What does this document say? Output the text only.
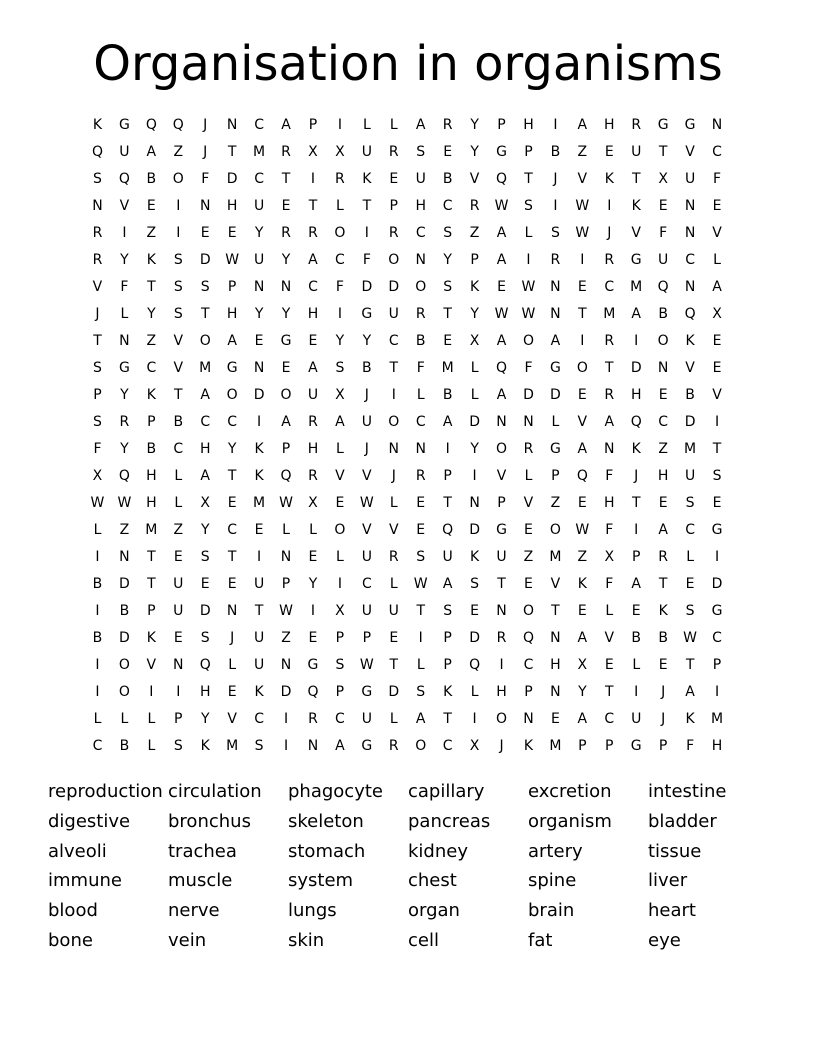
Organisation in organisms
K	G	Q	Q	J	N	C	A	P	I	L	L	A	R	Y	P	H	I	A	H	R	G	G	N
Q	U	A	Z	J	T	M	R	X	X	U	R	S	E	Y	G	P	B	Z	E	U	T	V	C
S	Q	B	O	F	D	C	T	I	R	K	E	U	B	V	Q	T	J	V	K	T	X	U	F
N	V	E	I	N	H	U	E	T	L	T	P	H	C	R	W	S	I	W	I	K	E	N	E
R	I	Z	I	E	E	Y	R	R	O	I	R	C	S	Z	A	L	S	W	J	V	F	N	V
R	Y	K	S	D	W	U	Y	A	C	F	O	N	Y	P	A	I	R	I	R	G	U	C	L
V	F	T	S	S	P	N	N	C	F	D	D	O	S	K	E	W	N	E	C	M	Q	N	A
J	L	Y	S	T	H	Y	Y	H	I	G	U	R	T	Y	W W	N	T	M	A	B	Q	X
T	N	Z	V	O	A	E	G	E	Y	Y	C	B	E	X	A	O	A	I	R	I	O	K	E
S	G	C	V	M	G	N	E	A	S	B	T	F	M	L	Q	F	G	O	T	D	N	V	E
P	Y	K	T	A	O	D	O	U	X	J	I	L	B	L	A	D	D	E	R	H	E	B	V
S	R	P	B	C	C	I	A	R	A	U	O	C	A	D	N	N	L	V	A	Q	C	D	I
F	Y	B	C	H	Y	K	P	H	L	J	N	N	I	Y	O	R	G	A	N	K	Z	M	T
X	Q	H	L	A	T	K	Q	R	V	V	J	R	P	I	V	L	P	Q	F	J	H	U	S
W W	H	L	X	E	M W	X	E	W	L	E	T	N	P	V	Z	E	H	T	E	S	E
L	Z	M	Z	Y	C	E	L	L	O	V	V	E	Q	D	G	E	O	W	F	I	A	C	G
I	N	T	E	S	T	I	N	E	L	U	R	S	U	K	U	Z	M	Z	X	P	R	L	I
B	D	T	U	E	E	U	P	Y	I	C	L	W	A	S	T	E	V	K	F	A	T	E	D
I	B	P	U	D	N	T	W	I	X	U	U	T	S	E	N	O	T	E	L	E	K	S	G
B	D	K	E	S	J	U	Z	E	P	P	E	I	P	D	R	Q	N	A	V	B	B	W	C
I	O	V	N	Q	L	U	N	G	S	W	T	L	P	Q	I	C	H	X	E	L	E	T	P
I	O	I	I	H	E	K	D	Q	P	G	D	S	K	L	H	P	N	Y	T	I	J	A	I
L	L	L	P	Y	V	C	I	R	C	U	L	A	T	I	O	N	E	A	C	U	J	K	M
C	B	L	S	K	M	S	I	N	A	G	R	O	C	X	J	K	M	P	P	G	P	F	H
reproduction circulation	phagocyte	capillary	excretion	intestine
digestive	bronchus	skeleton	pancreas	organism	bladder
alveoli	trachea	stomach	kidney	artery	tissue
immune	muscle	system	chest	spine	liver
blood	nerve	lungs	organ	brain	heart
bone	vein	skin	cell	fat	eye
